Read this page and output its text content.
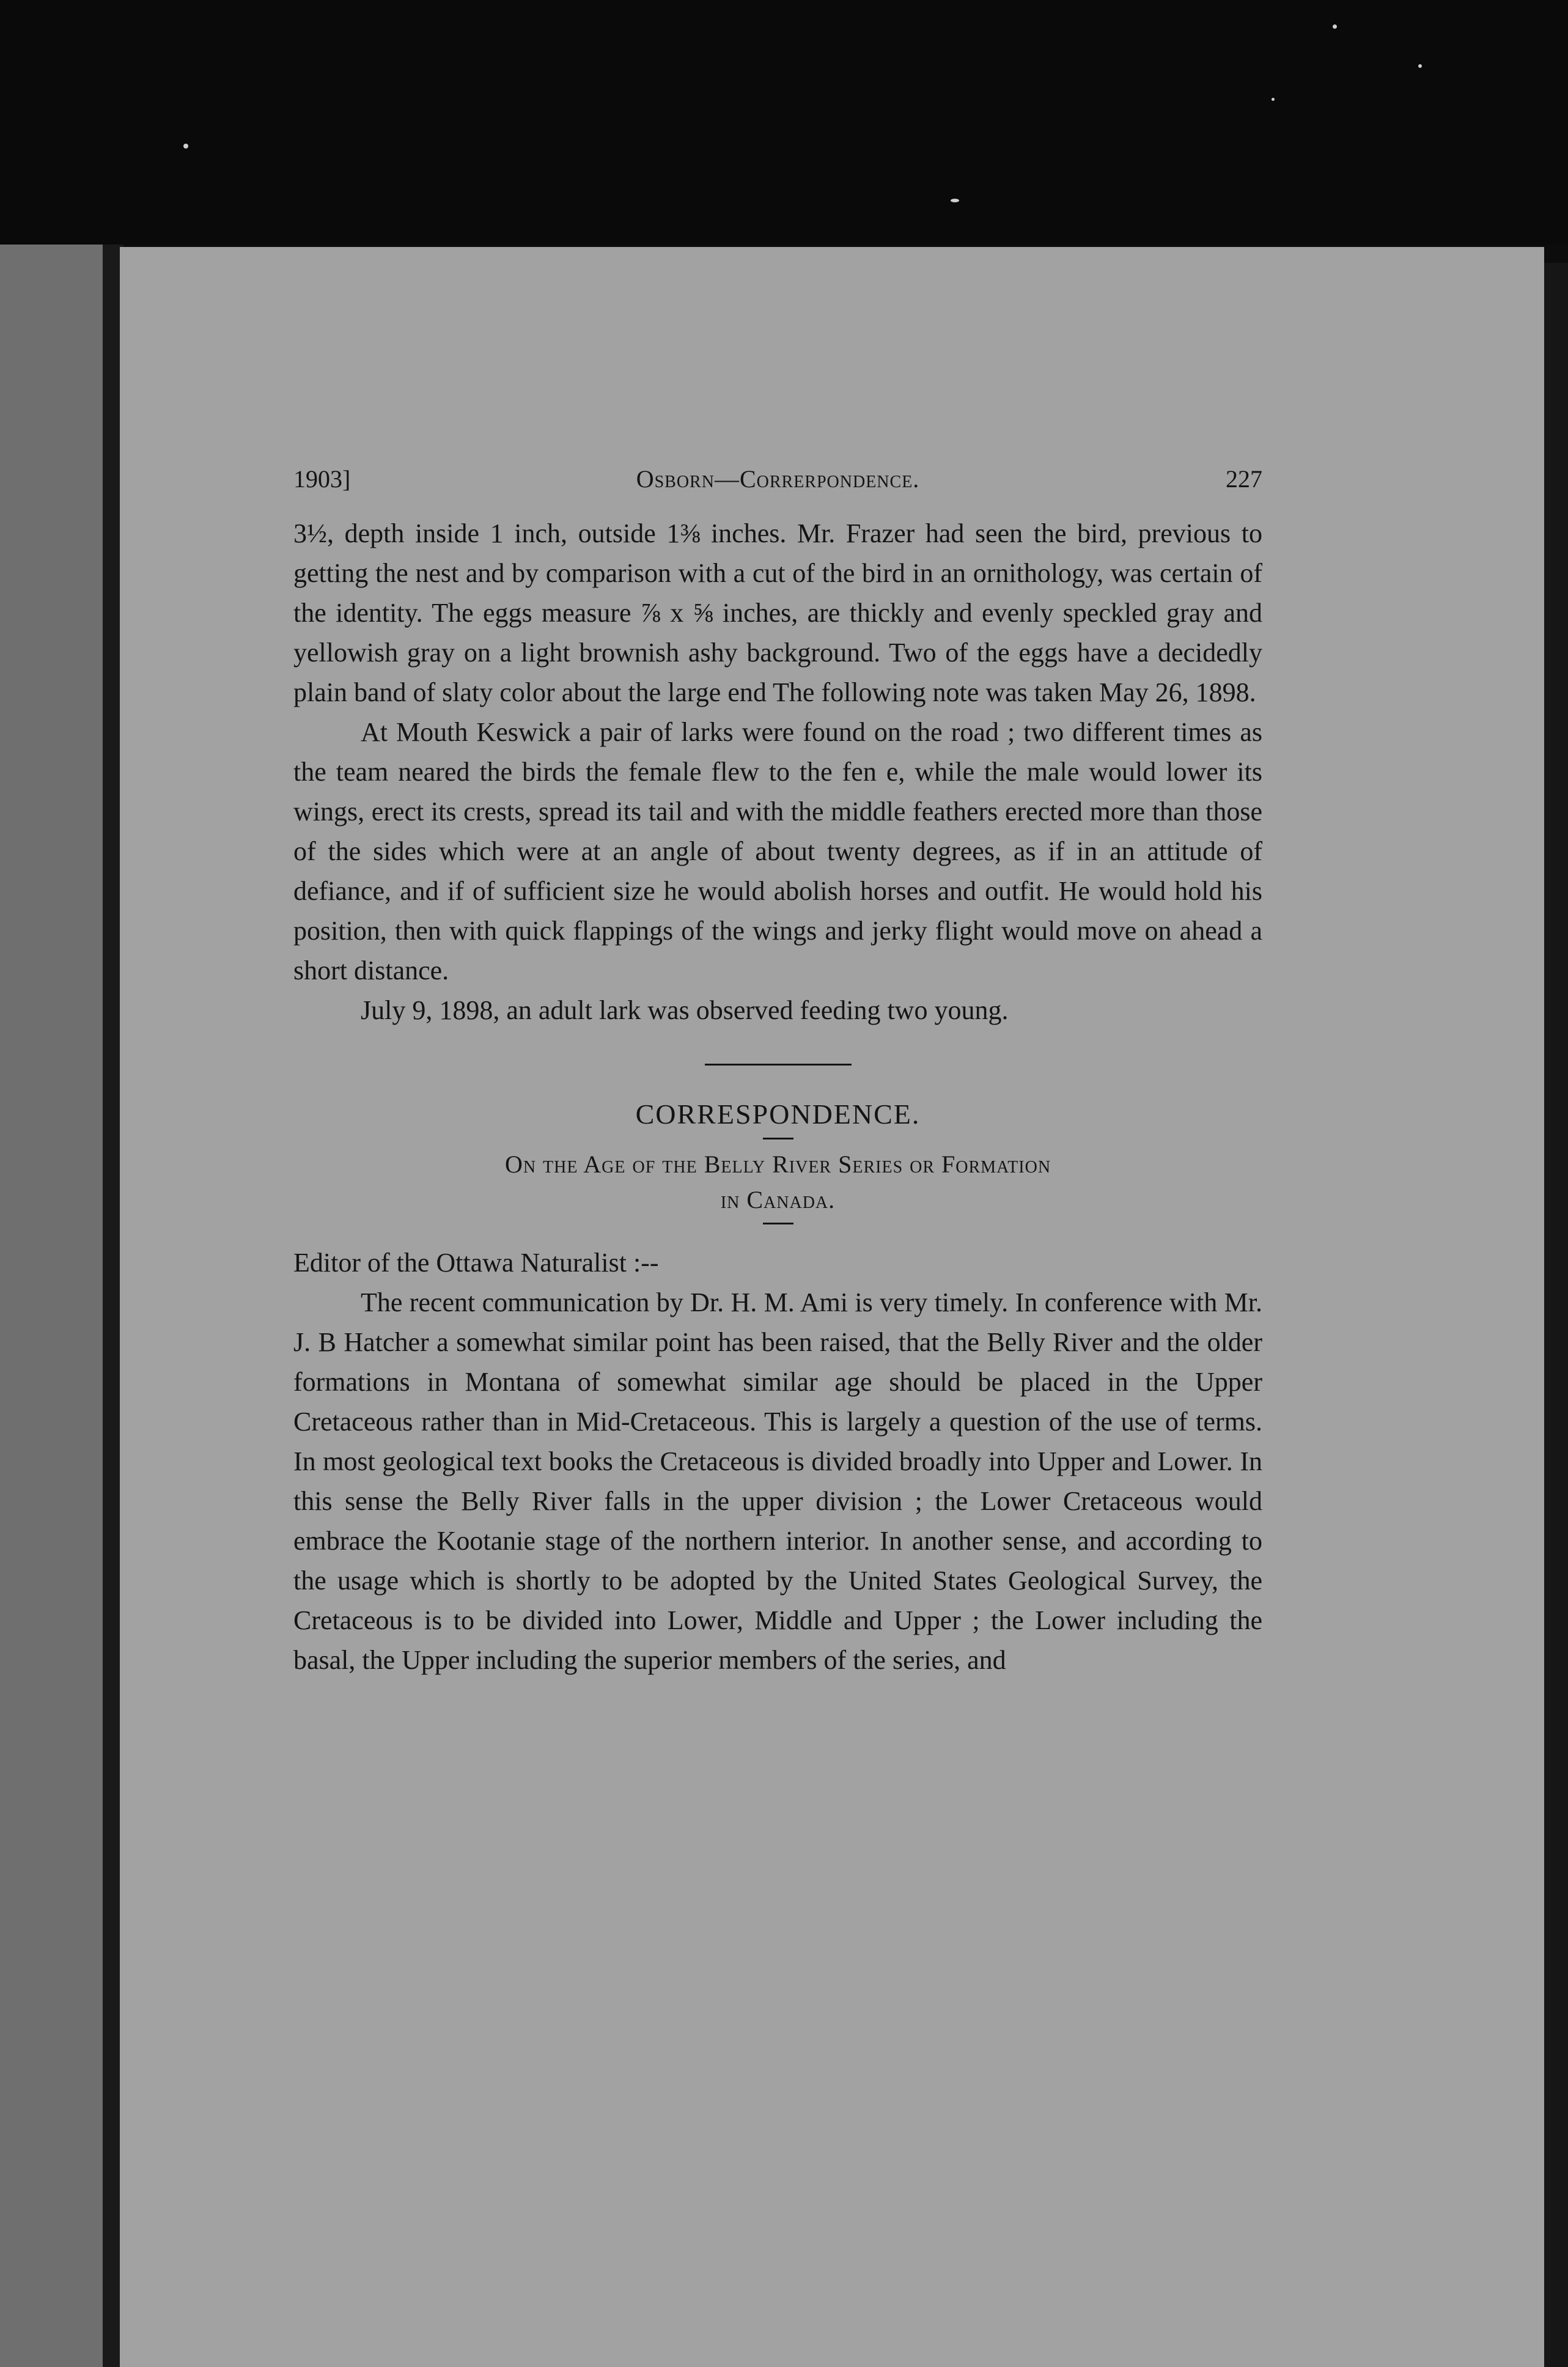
1903]	Osborn—Correrpondence.	227

3½, depth inside 1 inch, outside 1⅜ inches. Mr. Frazer had seen the bird, previous to getting the nest and by comparison with a cut of the bird in an ornithology, was certain of the identity. The eggs measure ⅞ x ⅝ inches, are thickly and evenly speckled gray and yellowish gray on a light brownish ashy background. Two of the eggs have a decidedly plain band of slaty color about the large end The following note was taken May 26, 1898.

At Mouth Keswick a pair of larks were found on the road ; two different times as the team neared the birds the female flew to the fen e, while the male would lower its wings, erect its crests, spread its tail and with the middle feathers erected more than those of the sides which were at an angle of about twenty degrees, as if in an attitude of defiance, and if of sufficient size he would abolish horses and outfit. He would hold his position, then with quick flappings of the wings and jerky flight would move on ahead a short distance.

July 9, 1898, an adult lark was observed feeding two young.

CORRESPONDENCE.
On the Age of the Belly River Series or Formation
in Canada.

Editor of the Ottawa Naturalist :--

The recent communication by Dr. H. M. Ami is very timely. In conference with Mr. J. B Hatcher a somewhat similar point has been raised, that the Belly River and the older formations in Montana of somewhat similar age should be placed in the Upper Cretaceous rather than in Mid-Cretaceous. This is largely a question of the use of terms. In most geological text books the Cretaceous is divided broadly into Upper and Lower. In this sense the Belly River falls in the upper division ; the Lower Cretaceous would embrace the Kootanie stage of the northern interior. In another sense, and according to the usage which is shortly to be adopted by the United States Geological Survey, the Cretaceous is to be divided into Lower, Middle and Upper ; the Lower including the basal, the Upper including the superior members of the series, and
